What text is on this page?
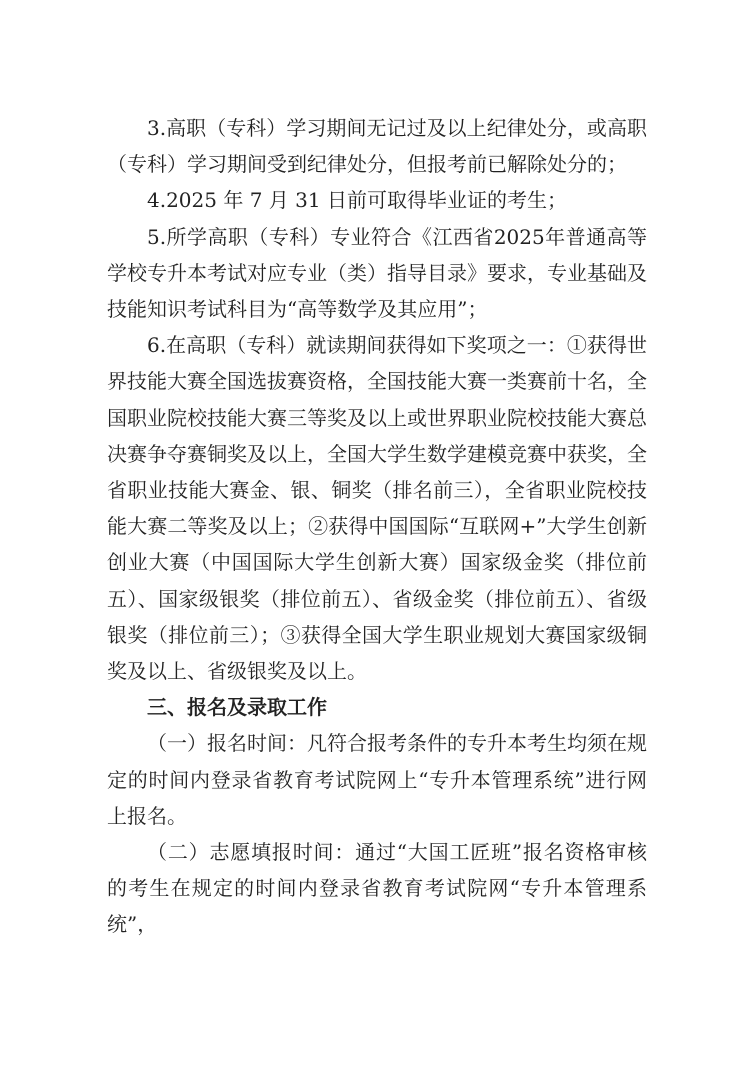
3.高职（专科）学习期间无记过及以上纪律处分，或高职（专科）学习期间受到纪律处分，但报考前已解除处分的；

4.2025 年 7 月 31 日前可取得毕业证的考生；

5.所学高职（专科）专业符合《江西省2025年普通高等学校专升本考试对应专业（类）指导目录》要求，专业基础及技能知识考试科目为“高等数学及其应用”；

6.在高职（专科）就读期间获得如下奖项之一：①获得世界技能大赛全国选拔赛资格，全国技能大赛一类赛前十名，全国职业院校技能大赛三等奖及以上或世界职业院校技能大赛总决赛争夺赛铜奖及以上，全国大学生数学建模竞赛中获奖，全省职业技能大赛金、银、铜奖（排名前三），全省职业院校技能大赛二等奖及以上；②获得中国国际“互联网+”大学生创新创业大赛（中国国际大学生创新大赛）国家级金奖（排位前五）、国家级银奖（排位前五）、省级金奖（排位前五）、省级银奖（排位前三）；③获得全国大学生职业规划大赛国家级铜奖及以上、省级银奖及以上。

三、报名及录取工作

（一）报名时间：凡符合报考条件的专升本考生均须在规定的时间内登录省教育考试院网上“专升本管理系统”进行网上报名。

（二）志愿填报时间：通过“大国工匠班”报名资格审核的考生在规定的时间内登录省教育考试院网“专升本管理系统”，
